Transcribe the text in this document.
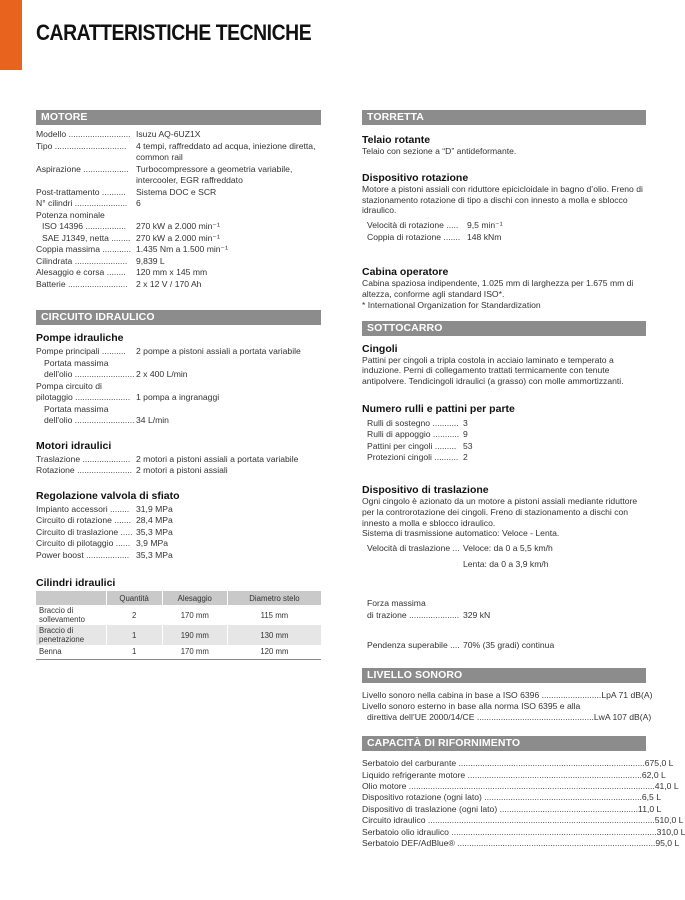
CARATTERISTICHE TECNICHE
MOTORE
Modello .......................... Isuzu AQ-6UZ1X
Tipo ..............................	4 tempi, raffreddato ad acqua, iniezione diretta, common rail
Aspirazione ................... Turbocompressore a geometria variabile, intercooler, EGR raffreddato
Post-trattamento ..........	Sistema DOC e SCR
N° cilindri ......................	6
Potenza nominale
ISO 14396 .................	270 kW a 2.000 min⁻¹
SAE J1349, netta ........ 270 kW a 2.000 min⁻¹
Coppia massima ............ 1.435 Nm a 1.500 min⁻¹
Cilindrata ......................	9,839 L
Alesaggio e corsa ........	120 mm x 145 mm
Batterie ......................... 2 x 12 V / 170 Ah
CIRCUITO IDRAULICO
Pompe idrauliche
Pompe principali ..........	2 pompe a pistoni assiali a portata variabile
Portata massima
dell'olio ......................... 2 x 400 L/min
Pompa circuito di
pilotaggio ....................... 1 pompa a ingranaggi
Portata massima
dell'olio ......................... 34 L/min
Motori idraulici
Traslazione .................... 2 motori a pistoni assiali a portata variabile
Rotazione ....................... 2 motori a pistoni assiali
Regolazione valvola di sfiato
Impianto accessori ........ 31,9 MPa
Circuito di rotazione ....... 28,4 MPa
Circuito di traslazione ..... 35,3 MPa
Circuito di pilotaggio ...... 3,9 MPa
Power boost .................. 35,3 MPa
Cilindri idraulici
	Quantità	Alesaggio	Diametro stelo
Braccio di sollevamento	2	170 mm	115 mm
Braccio di penetrazione	1	190 mm	130 mm
Benna	1	170 mm	120 mm
TORRETTA
Telaio rotante
Telaio con sezione a “D” antideformante.
Dispositivo rotazione
Motore a pistoni assiali con riduttore epicicloidale in bagno d’olio. Freno di stazionamento rotazione di tipo a dischi con innesto a molla e sblocco idraulico.
Velocità di rotazione .....	9,5 min⁻¹
Coppia di rotazione ....... 148 kNm
Cabina operatore
Cabina spaziosa indipendente, 1.025 mm di larghezza per 1.675 mm di altezza, conforme agli standard ISO*.
* International Organization for Standardization
SOTTOCARRO
Cingoli
Pattini per cingoli a tripla costola in acciaio laminato e temperato a induzione. Perni di collegamento trattati termicamente con tenute antipolvere. Tendicingoli idraulici (a grasso) con molle ammortizzanti.
Numero rulli e pattini per parte
Rulli di sostegno ........... 3
Rulli di appoggio ........... 9
Pattini per cingoli ......... 53
Protezioni cingoli .......... 2
Dispositivo di traslazione
Ogni cingolo è azionato da un motore a pistoni assiali mediante riduttore per la controrotazione dei cingoli. Freno di stazionamento a dischi con innesto a molla e sblocco idraulico.
Sistema di trasmissione automatico: Veloce - Lenta.
Velocità di traslazione ... Veloce: da 0 a 5,5 km/h
Lenta: da 0 a 3,9 km/h
Forza massima
di trazione ..................... 329 kN
Pendenza superabile .... 70% (35 gradi) continua
LIVELLO SONORO
Livello sonoro nella cabina in base a ISO 6396 ......................... LpA 71 dB(A)
Livello sonoro esterno in base alla norma ISO 6395 e alla
direttiva dell’UE 2000/14/CE ................................................. LwA 107 dB(A)
CAPACITÀ DI RIFORNIMENTO
Serbatoio del carburante .............................................................................. 675,0 L
Liquido refrigerante motore ......................................................................... 62,0 L
Olio motore ....................................................................................................... 41,0 L
Dispositivo rotazione (ogni lato) .................................................................. 6,5 L
Dispositivo di traslazione (ogni lato) .......................................................... 11,0 L
Circuito idraulico ............................................................................................... 510,0 L
Serbatoio olio idraulico ...................................................................................... 310,0 L
Serbatoio DEF/AdBlue® ................................................................................... 95,0 L
